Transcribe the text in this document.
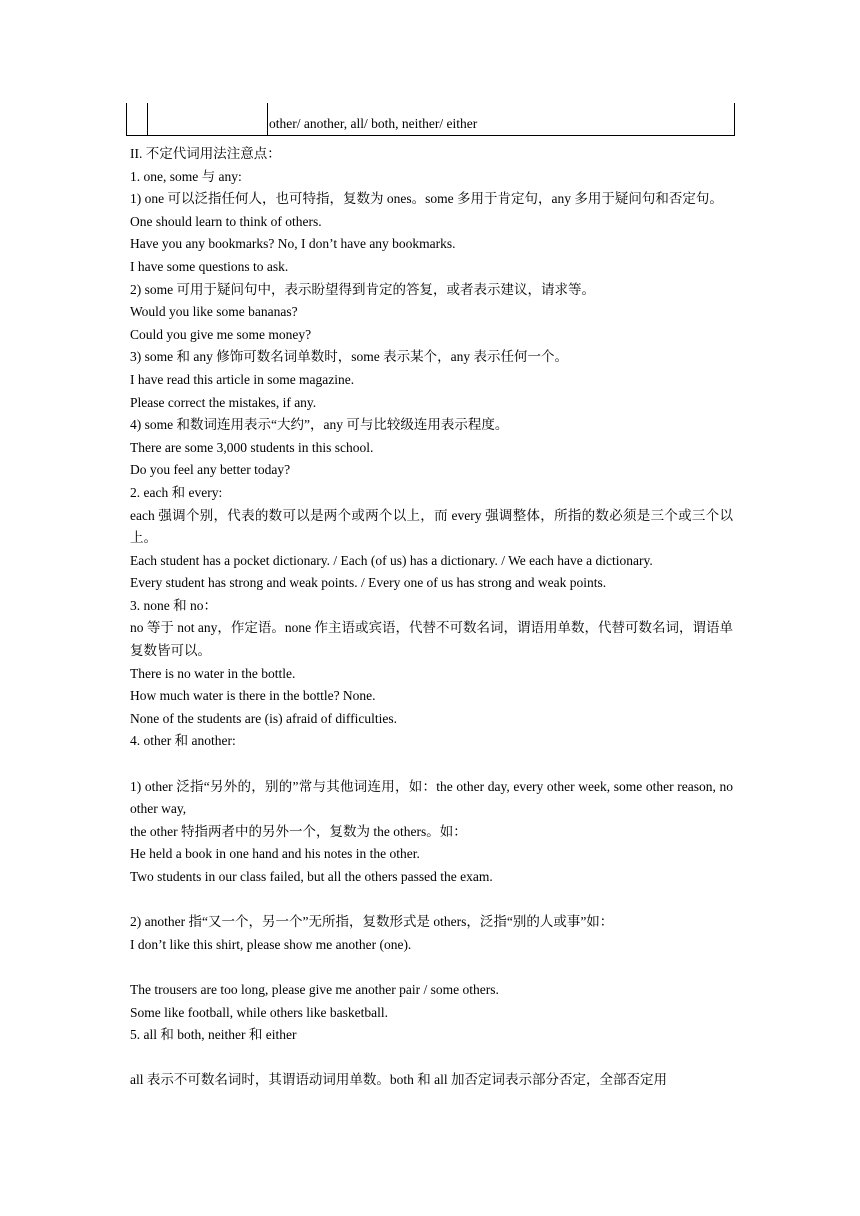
other/ another, all/ both, neither/ either
II. 不定代词用法注意点：
1. one, some 与 any:
1) one 可以泛指任何人，也可特指，复数为 ones。some 多用于肯定句，any 多用于疑问句和否定句。
One should learn to think of others.
Have you any bookmarks? No, I don’t have any bookmarks.
I have some questions to ask.
2) some 可用于疑问句中，表示盼望得到肯定的答复，或者表示建议，请求等。
Would you like some bananas?
Could you give me some money?
3) some 和 any 修饰可数名词单数时，some 表示某个，any 表示任何一个。
I have read this article in some magazine.
Please correct the mistakes, if any.
4) some 和数词连用表示“大约”，any 可与比较级连用表示程度。
There are some 3,000 students in this school.
Do you feel any better today?
2. each 和 every:
each 强调个别，代表的数可以是两个或两个以上，而 every 强调整体，所指的数必须是三个或三个以上。
Each student has a pocket dictionary. / Each (of us) has a dictionary. / We each have a dictionary.
Every student has strong and weak points. / Every one of us has strong and weak points.
3. none 和 no：
no 等于 not any，作定语。none 作主语或宾语，代替不可数名词，谓语用单数，代替可数名词，谓语单复数皆可以。
There is no water in the bottle.
How much water is there in the bottle? None.
None of the students are (is) afraid of difficulties.
4. other 和 another:
1) other 泛指“另外的，别的”常与其他词连用，如：the other day, every other week, some other reason, no other way,
the other 特指两者中的另外一个，复数为 the others。如：
He held a book in one hand and his notes in the other.
Two students in our class failed, but all the others passed the exam.
2) another 指“又一个，另一个”无所指，复数形式是 others，泛指“别的人或事”如：
I don’t like this shirt, please show me another (one).
The trousers are too long, please give me another pair / some others.
Some like football, while others like basketball.
5. all 和 both, neither 和 either
all 表示不可数名词时，其谓语动词用单数。both 和 all 加否定词表示部分否定，全部否定用
